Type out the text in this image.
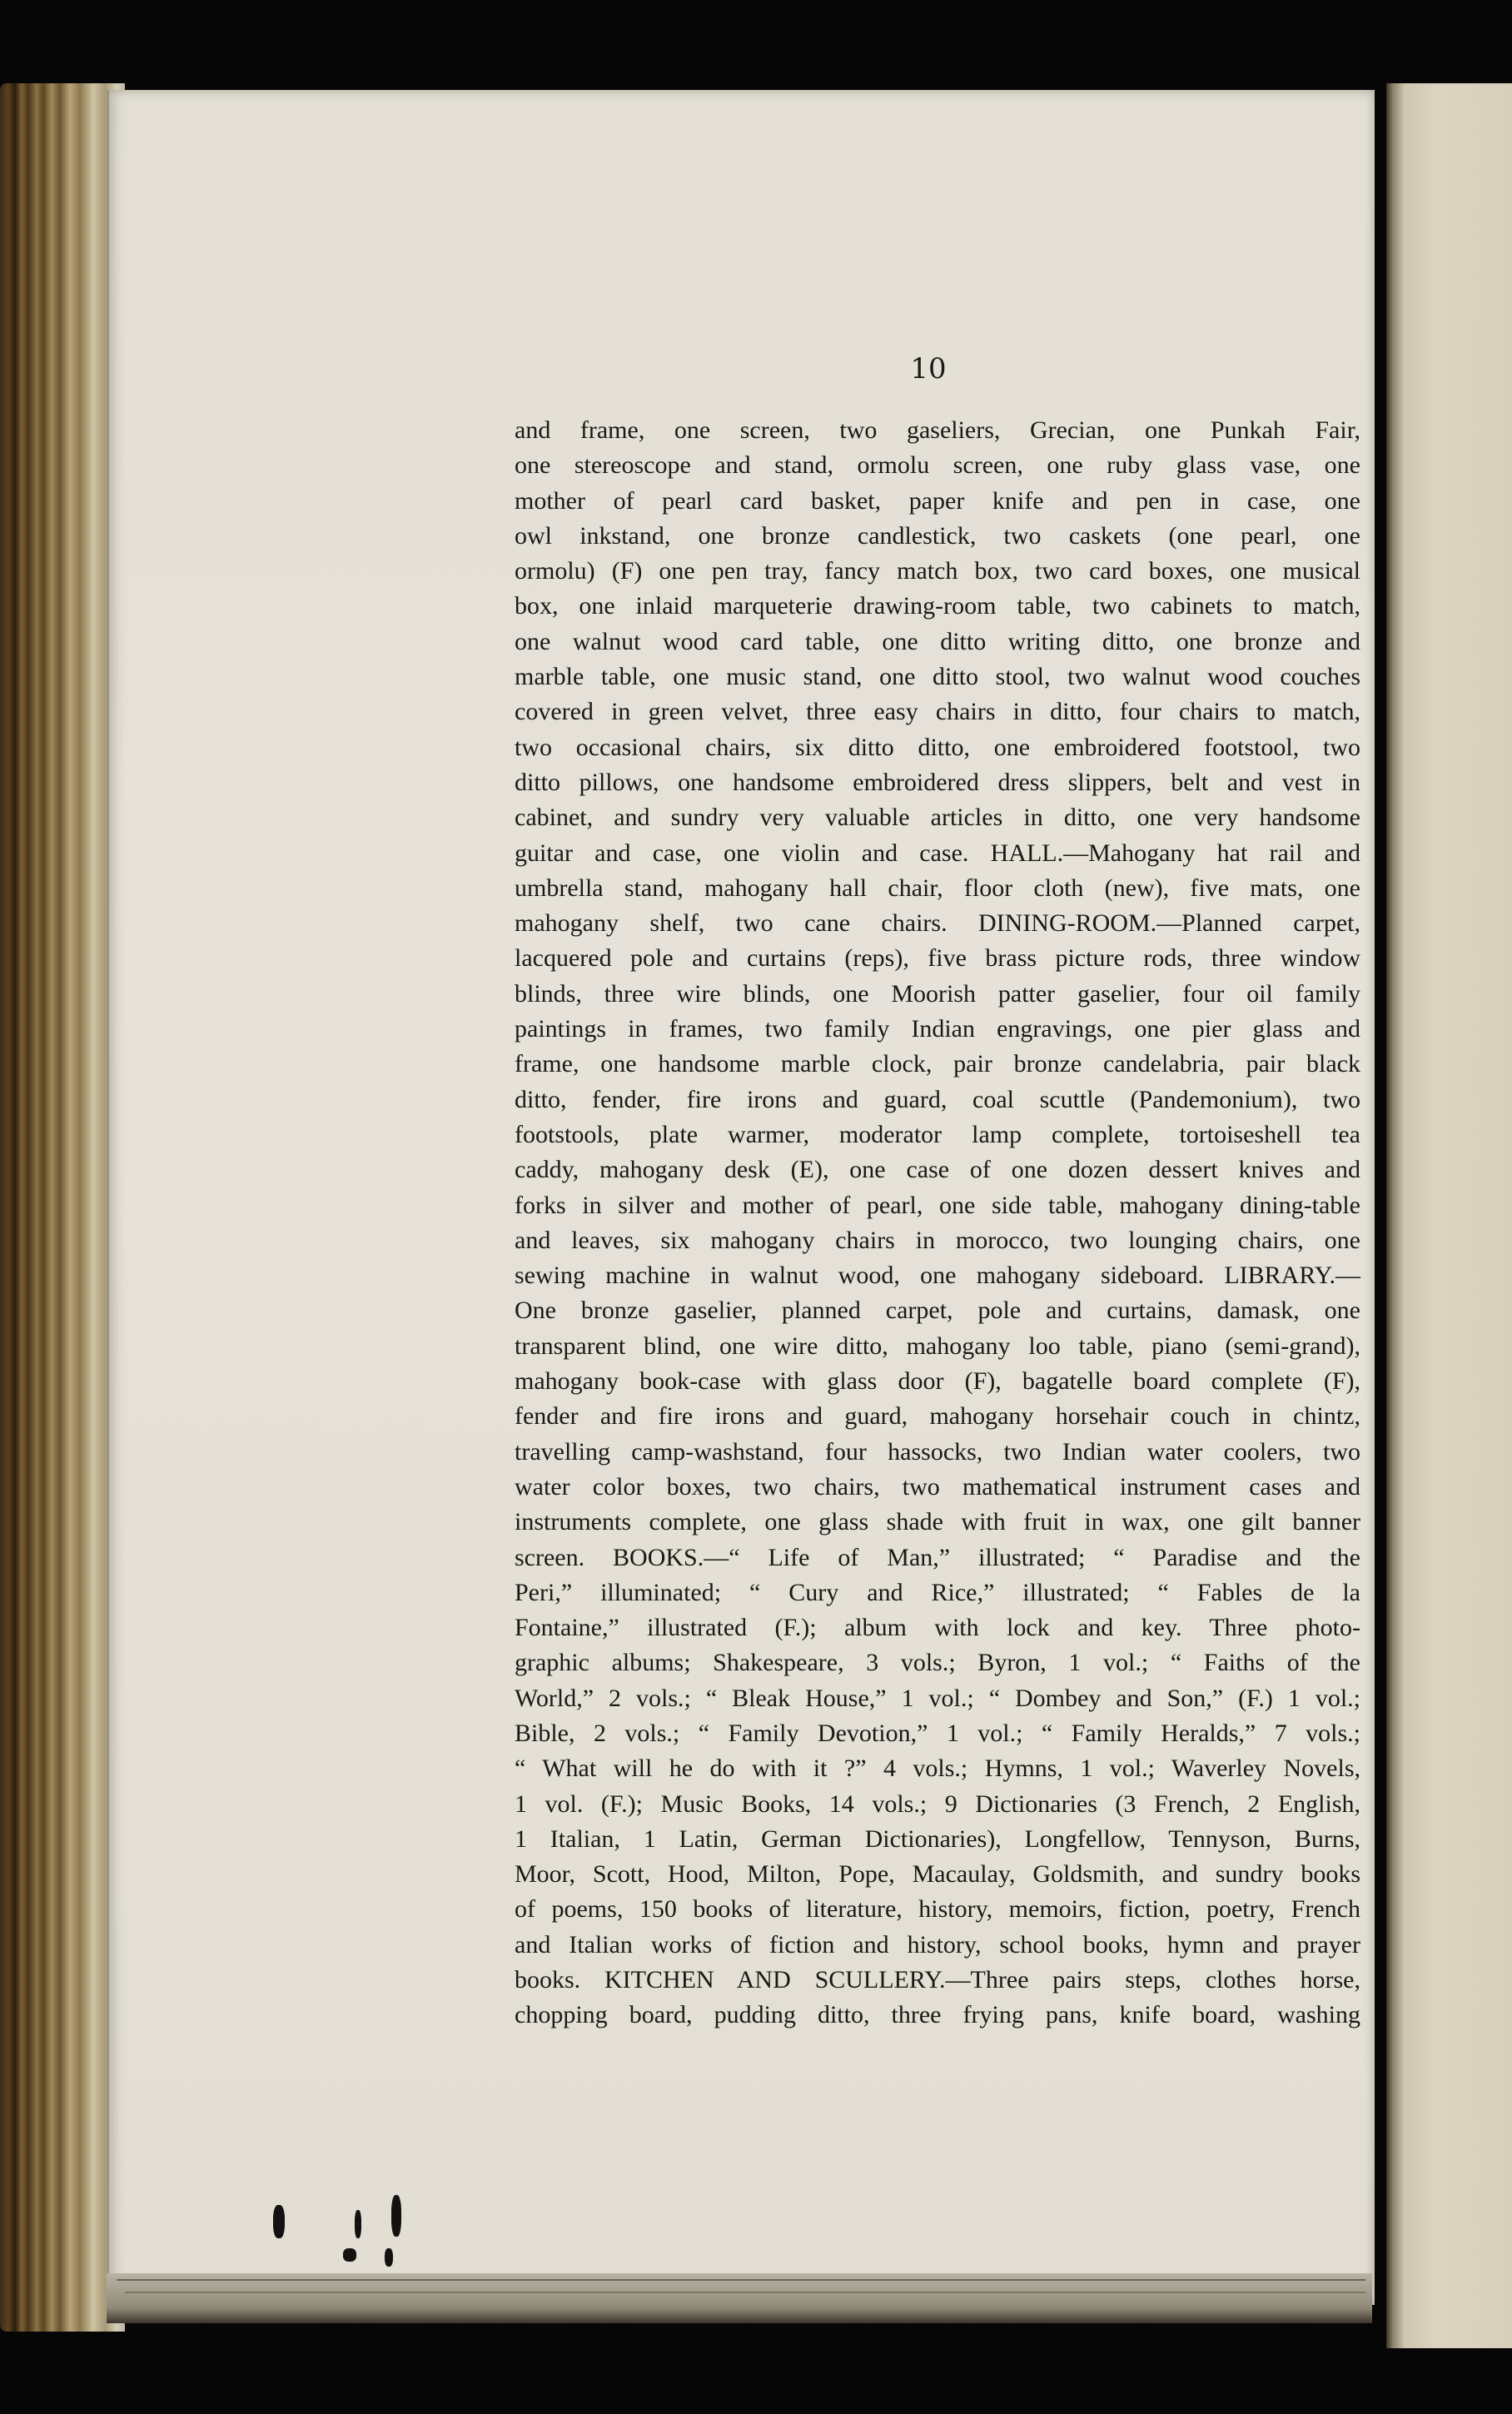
10
and frame, one screen, two gaseliers, Grecian, one Punkah Fair,
one stereoscope and stand, ormolu screen, one ruby glass vase, one
mother of pearl card basket, paper knife and pen in case, one
owl inkstand, one bronze candlestick, two caskets (one pearl, one
ormolu) (F) one pen tray, fancy match box, two card boxes, one musical
box, one inlaid marqueterie drawing-room table, two cabinets to match,
one walnut wood card table, one ditto writing ditto, one bronze and
marble table, one music stand, one ditto stool, two walnut wood couches
covered in green velvet, three easy chairs in ditto, four chairs to match,
two occasional chairs, six ditto ditto, one embroidered footstool, two
ditto pillows, one handsome embroidered dress slippers, belt and vest in
cabinet, and sundry very valuable articles in ditto, one very handsome
guitar and case, one violin and case. HALL.—Mahogany hat rail and
umbrella stand, mahogany hall chair, floor cloth (new), five mats, one
mahogany shelf, two cane chairs. DINING-ROOM.—Planned carpet,
lacquered pole and curtains (reps), five brass picture rods, three window
blinds, three wire blinds, one Moorish patter gaselier, four oil family
paintings in frames, two family Indian engravings, one pier glass and
frame, one handsome marble clock, pair bronze candelabria, pair black
ditto, fender, fire irons and guard, coal scuttle (Pandemonium), two
footstools, plate warmer, moderator lamp complete, tortoiseshell tea
caddy, mahogany desk (E), one case of one dozen dessert knives and
forks in silver and mother of pearl, one side table, mahogany dining-table
and leaves, six mahogany chairs in morocco, two lounging chairs, one
sewing machine in walnut wood, one mahogany sideboard. LIBRARY.—
One bronze gaselier, planned carpet, pole and curtains, damask, one
transparent blind, one wire ditto, mahogany loo table, piano (semi-grand),
mahogany book-case with glass door (F), bagatelle board complete (F),
fender and fire irons and guard, mahogany horsehair couch in chintz,
travelling camp-washstand, four hassocks, two Indian water coolers, two
water color boxes, two chairs, two mathematical instrument cases and
instruments complete, one glass shade with fruit in wax, one gilt banner
screen. BOOKS.—“ Life of Man,” illustrated; “ Paradise and the
Peri,” illuminated; “ Cury and Rice,” illustrated; “ Fables de la
Fontaine,” illustrated (F.); album with lock and key. Three photo-
graphic albums; Shakespeare, 3 vols.; Byron, 1 vol.; “ Faiths of the
World,” 2 vols.; “ Bleak House,” 1 vol.; “ Dombey and Son,” (F.) 1 vol.;
Bible, 2 vols.; “ Family Devotion,” 1 vol.; “ Family Heralds,” 7 vols.;
“ What will he do with it ?” 4 vols.; Hymns, 1 vol.; Waverley Novels,
1 vol. (F.); Music Books, 14 vols.; 9 Dictionaries (3 French, 2 English,
1 Italian, 1 Latin, German Dictionaries), Longfellow, Tennyson, Burns,
Moor, Scott, Hood, Milton, Pope, Macaulay, Goldsmith, and sundry books
of poems, 150 books of literature, history, memoirs, fiction, poetry, French
and Italian works of fiction and history, school books, hymn and prayer
books. KITCHEN AND SCULLERY.—Three pairs steps, clothes horse,
chopping board, pudding ditto, three frying pans, knife board, washing
